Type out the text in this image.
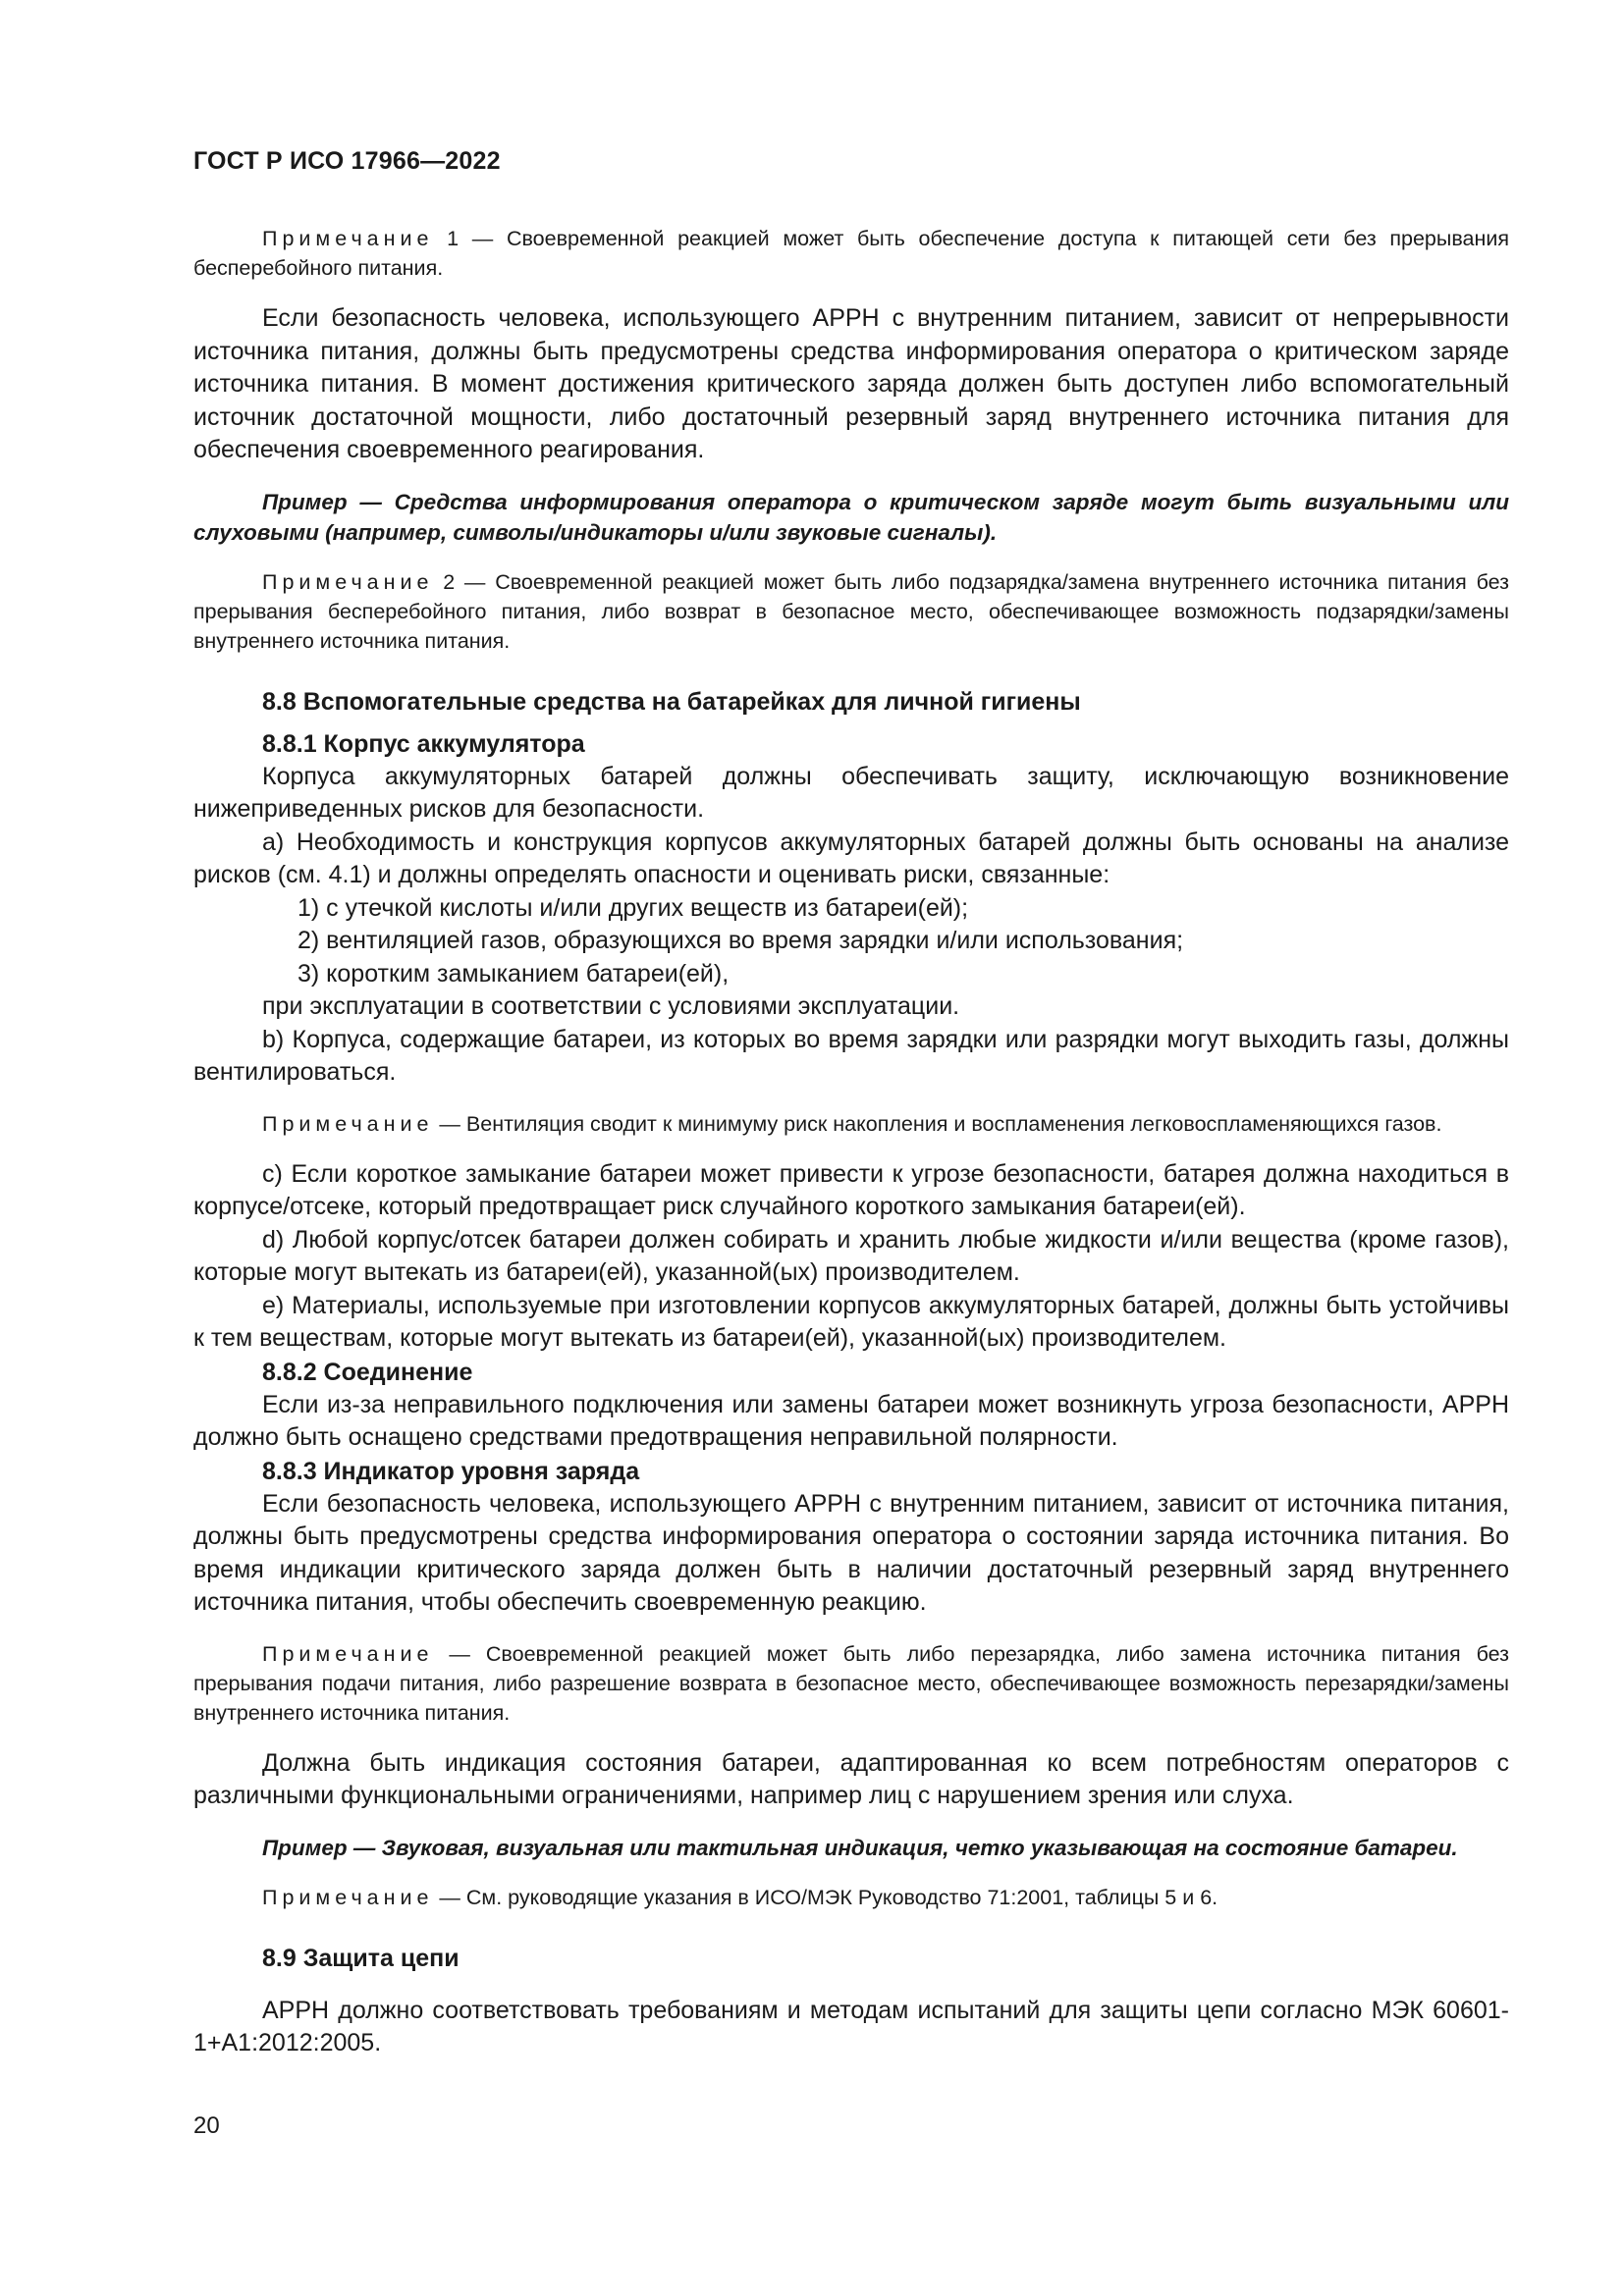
ГОСТ Р ИСО 17966—2022

Примечание 1 — Своевременной реакцией может быть обеспечение доступа к питающей сети без прерывания бесперебойного питания.

Если безопасность человека, использующего АРРН с внутренним питанием, зависит от непрерывности источника питания, должны быть предусмотрены средства информирования оператора о критическом заряде источника питания. В момент достижения критического заряда должен быть доступен либо вспомогательный источник достаточной мощности, либо достаточный резервный заряд внутреннего источника питания для обеспечения своевременного реагирования.

Пример — Средства информирования оператора о критическом заряде могут быть визуальными или слуховыми (например, символы/индикаторы и/или звуковые сигналы).

Примечание 2 — Своевременной реакцией может быть либо подзарядка/замена внутреннего источника питания без прерывания бесперебойного питания, либо возврат в безопасное место, обеспечивающее возможность подзарядки/замены внутреннего источника питания.

8.8 Вспомогательные средства на батарейках для личной гигиены

8.8.1 Корпус аккумулятора

Корпуса аккумуляторных батарей должны обеспечивать защиту, исключающую возникновение нижеприведенных рисков для безопасности.

a) Необходимость и конструкция корпусов аккумуляторных батарей должны быть основаны на анализе рисков (см. 4.1) и должны определять опасности и оценивать риски, связанные:

1) с утечкой кислоты и/или других веществ из батареи(ей);

2) вентиляцией газов, образующихся во время зарядки и/или использования;

3) коротким замыканием батареи(ей),

при эксплуатации в соответствии с условиями эксплуатации.

b) Корпуса, содержащие батареи, из которых во время зарядки или разрядки могут выходить газы, должны вентилироваться.

Примечание — Вентиляция сводит к минимуму риск накопления и воспламенения легковоспламеняющихся газов.

c) Если короткое замыкание батареи может привести к угрозе безопасности, батарея должна находиться в корпусе/отсеке, который предотвращает риск случайного короткого замыкания батареи(ей).

d) Любой корпус/отсек батареи должен собирать и хранить любые жидкости и/или вещества (кроме газов), которые могут вытекать из батареи(ей), указанной(ых) производителем.

e) Материалы, используемые при изготовлении корпусов аккумуляторных батарей, должны быть устойчивы к тем веществам, которые могут вытекать из батареи(ей), указанной(ых) производителем.

8.8.2 Соединение

Если из-за неправильного подключения или замены батареи может возникнуть угроза безопасности, АРРН должно быть оснащено средствами предотвращения неправильной полярности.

8.8.3 Индикатор уровня заряда

Если безопасность человека, использующего АРРН с внутренним питанием, зависит от источника питания, должны быть предусмотрены средства информирования оператора о состоянии заряда источника питания. Во время индикации критического заряда должен быть в наличии достаточный резервный заряд внутреннего источника питания, чтобы обеспечить своевременную реакцию.

Примечание — Своевременной реакцией может быть либо перезарядка, либо замена источника питания без прерывания подачи питания, либо разрешение возврата в безопасное место, обеспечивающее возможность перезарядки/замены внутреннего источника питания.

Должна быть индикация состояния батареи, адаптированная ко всем потребностям операторов с различными функциональными ограничениями, например лиц с нарушением зрения или слуха.

Пример — Звуковая, визуальная или тактильная индикация, четко указывающая на состояние батареи.

Примечание — См. руководящие указания в ИСО/МЭК Руководство 71:2001, таблицы 5 и 6.

8.9 Защита цепи

АРРН должно соответствовать требованиям и методам испытаний для защиты цепи согласно МЭК 60601-1+А1:2012:2005.

20
